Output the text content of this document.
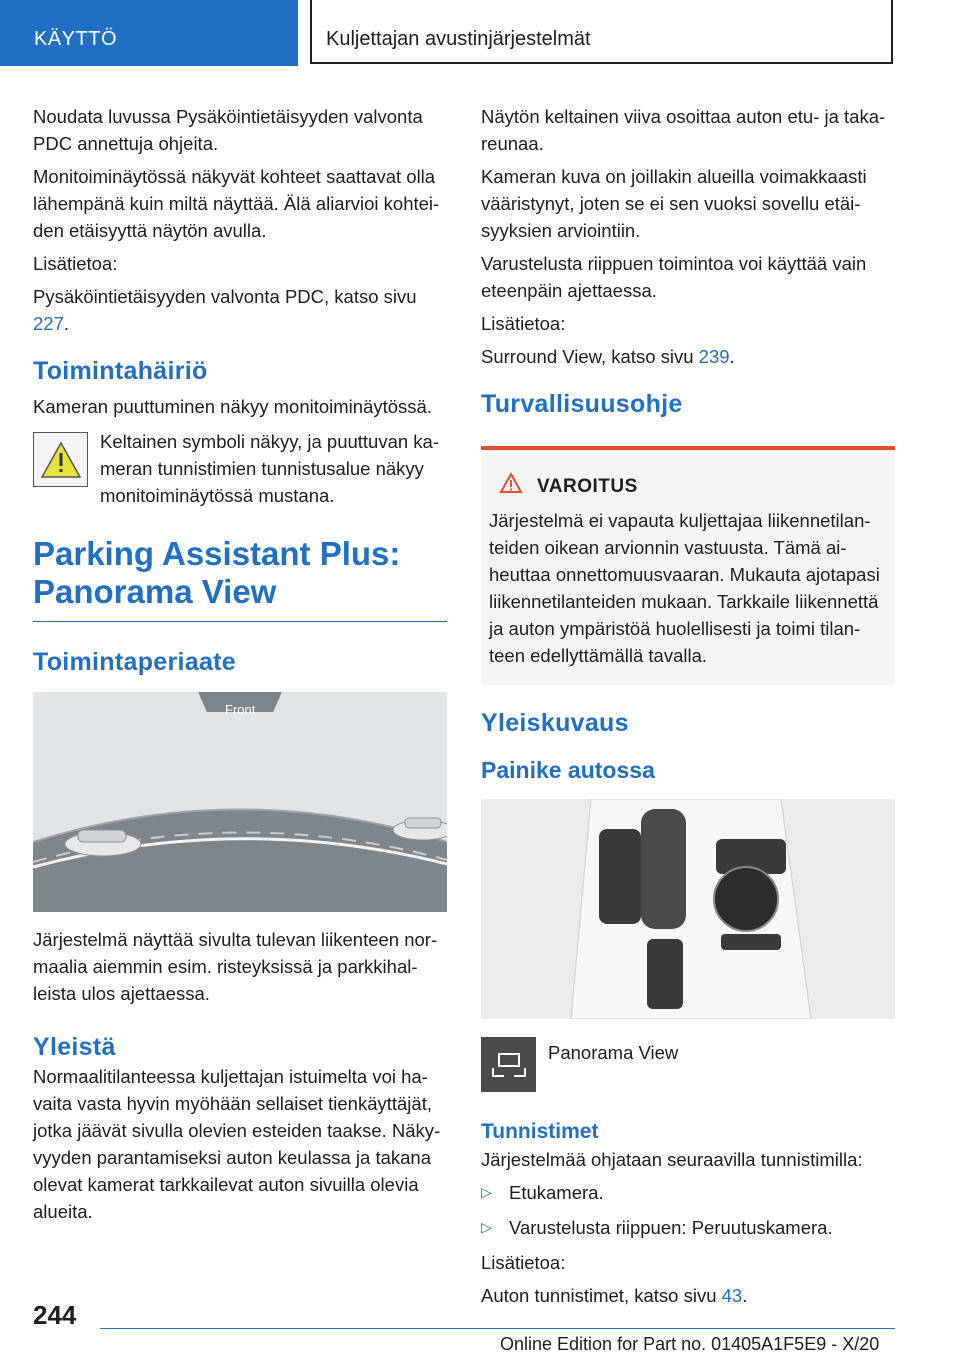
KÄYTTÖ	Kuljettajan avustinjärjestelmät

Noudata luvussa Pysäköintietäisyyden valvonta PDC annettuja ohjeita.

Monitoiminäytössä näkyvät kohteet saattavat olla lähempänä kuin miltä näyttää. Älä aliarvioi kohteiden etäisyyttä näytön avulla.

Lisätietoa:

Pysäköintietäisyyden valvonta PDC, katso sivu 227.

Toimintahäiriö

Kameran puuttuminen näkyy monitoiminäytössä.

Keltainen symboli näkyy, ja puuttuvan kameran tunnistimien tunnistusalue näkyy monitoiminäytössä mustana.
Parking Assistant Plus: Panorama View
Toimintaperiaate
Front

Järjestelmä näyttää sivulta tulevan liikenteen normaalia aiemmin esim. risteyksissä ja parkkihalleista ulos ajettaessa.

Yleistä

Normaalitilanteessa kuljettajan istuimelta voi havaita vasta hyvin myöhään sellaiset tienkäyttäjät, jotka jäävät sivulla olevien esteiden taakse. Näkyvyyden parantamiseksi auton keulassa ja takana olevat kamerat tarkkailevat auton sivuilla olevia alueita.

Näytön keltainen viiva osoittaa auton etu- ja takareunaa.

Kameran kuva on joillakin alueilla voimakkaasti vääristynyt, joten se ei sen vuoksi sovellu etäisyyksien arviointiin.

Varustelusta riippuen toimintoa voi käyttää vain eteenpäin ajettaessa.

Lisätietoa:

Surround View, katso sivu 239.

Turvallisuusohje
VAROITUS
Järjestelmä ei vapauta kuljettajaa liikennetilanteiden oikean arvionnin vastuusta. Tämä aiheuttaa onnettomuusvaaran. Mukauta ajotapasi liikennetilanteiden mukaan. Tarkkaile liikennettä ja auton ympäristöä huolellisesti ja toimi tilanteen edellyttämällä tavalla.
Yleiskuvaus
Painike autossa
Panorama View
Tunnistimet

Järjestelmää ohjataan seuraavilla tunnistimilla:

▷ Etukamera.
▷ Varustelusta riippuen: Peruutuskamera.

Lisätietoa:

Auton tunnistimet, katso sivu 43.

244
Online Edition for Part no. 01405A1F5E9 - X/20
